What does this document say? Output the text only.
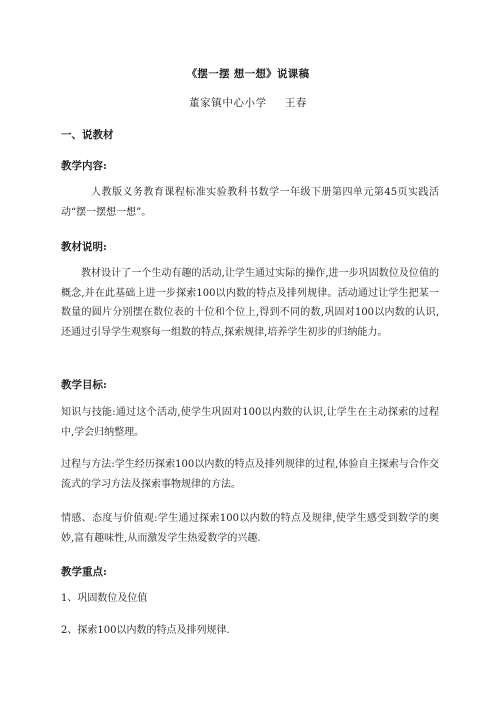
《摆一摆 想一想》说课稿
董家镇中心小学 王春
一、说教材
教学内容:
人教版义务教育课程标准实验教科书数学一年级下册第四单元第45页实践活动“摆一摆想一想”。
教材说明:
教材设计了一个生动有趣的活动,让学生通过实际的操作,进一步巩固数位及位值的概念,并在此基础上进一步探索100以内数的特点及排列规律。活动通过让学生把某一数量的圆片分别摆在数位表的十位和个位上,得到不同的数,巩固对100以内数的认识,还通过引导学生观察每一组数的特点,探索规律,培养学生初步的归纳能力。
教学目标:
知识与技能:通过这个活动,使学生巩固对100以内数的认识,让学生在主动探索的过程中,学会归纳整理。
过程与方法:学生经历探索100以内数的特点及排列规律的过程,体验自主探索与合作交流式的学习方法及探索事物规律的方法。
情感、态度与价值观:学生通过探索100以内数的特点及规律,使学生感受到数学的奥妙,富有趣味性,从而激发学生热爱数学的兴趣.
教学重点:
1、巩固数位及位值
2、探索100以内数的特点及排列规律.
